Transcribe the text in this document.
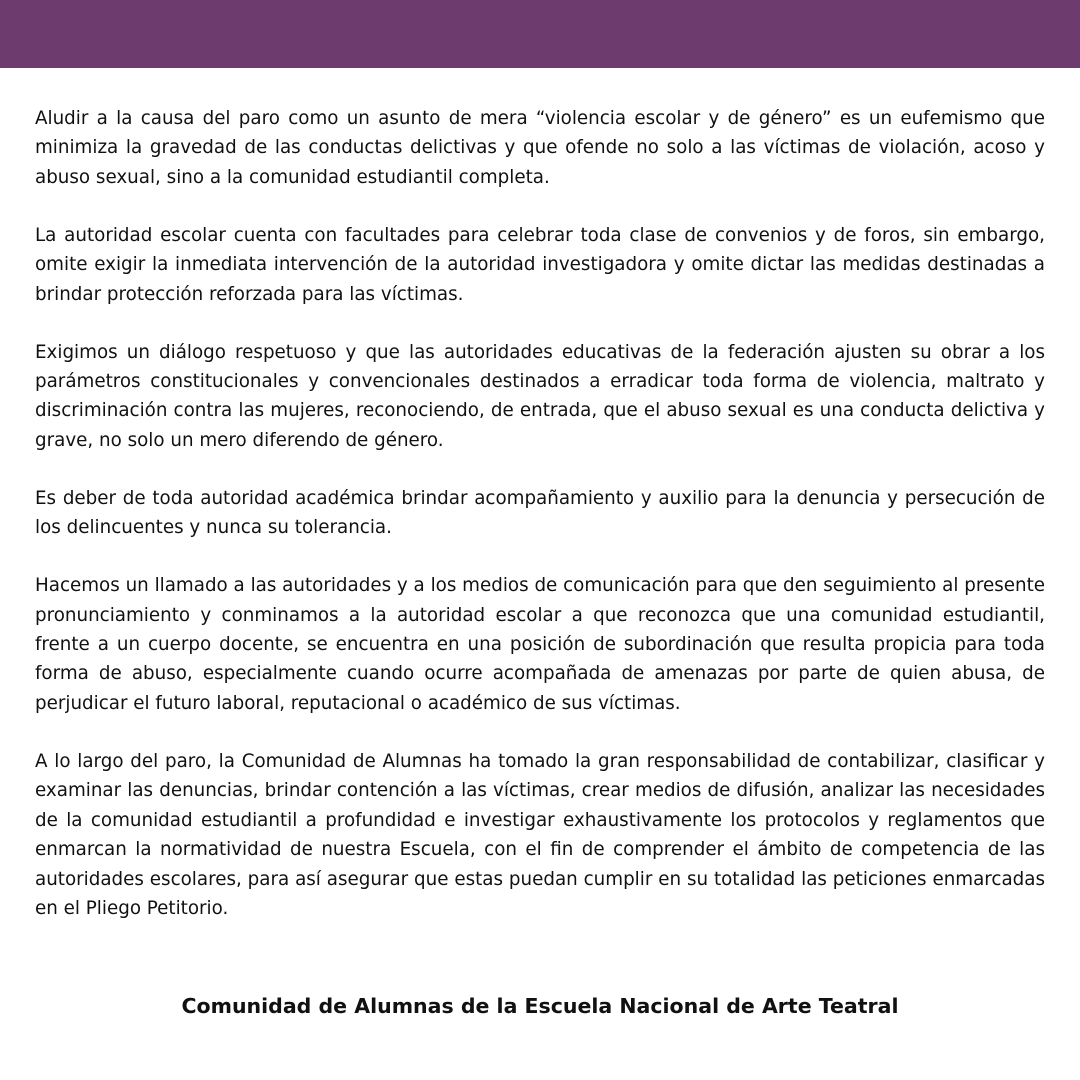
Aludir a la causa del paro como un asunto de mera “violencia escolar y de género” es un eufemismo que minimiza la gravedad de las conductas delictivas y que ofende no solo a las víctimas de violación, acoso y abuso sexual, sino a la comunidad estudiantil completa.

La autoridad escolar cuenta con facultades para celebrar toda clase de convenios y de foros, sin embargo, omite exigir la inmediata intervención de la autoridad investigadora y omite dictar las medidas destinadas a brindar protección reforzada para las víctimas.

Exigimos un diálogo respetuoso y que las autoridades educativas de la federación ajusten su obrar a los parámetros constitucionales y convencionales destinados a erradicar toda forma de violencia, maltrato y discriminación contra las mujeres, reconociendo, de entrada, que el abuso sexual es una conducta delictiva y grave, no solo un mero diferendo de género.

Es deber de toda autoridad académica brindar acompañamiento y auxilio para la denuncia y persecución de los delincuentes y nunca su tolerancia.

Hacemos un llamado a las autoridades y a los medios de comunicación para que den seguimiento al presente pronunciamiento y conminamos a la autoridad escolar a que reconozca que una comunidad estudiantil, frente a un cuerpo docente, se encuentra en una posición de subordinación que resulta propicia para toda forma de abuso, especialmente cuando ocurre acompañada de amenazas por parte de quien abusa, de perjudicar el futuro laboral, reputacional o académico de sus víctimas.

A lo largo del paro, la Comunidad de Alumnas ha tomado la gran responsabilidad de contabilizar, clasificar y examinar las denuncias, brindar contención a las víctimas, crear medios de difusión, analizar las necesidades de la comunidad estudiantil a profundidad e investigar exhaustivamente los protocolos y reglamentos que enmarcan la normatividad de nuestra Escuela, con el fin de comprender el ámbito de competencia de las autoridades escolares, para así asegurar que estas puedan cumplir en su totalidad las peticiones enmarcadas en el Pliego Petitorio.

Comunidad de Alumnas de la Escuela Nacional de Arte Teatral
